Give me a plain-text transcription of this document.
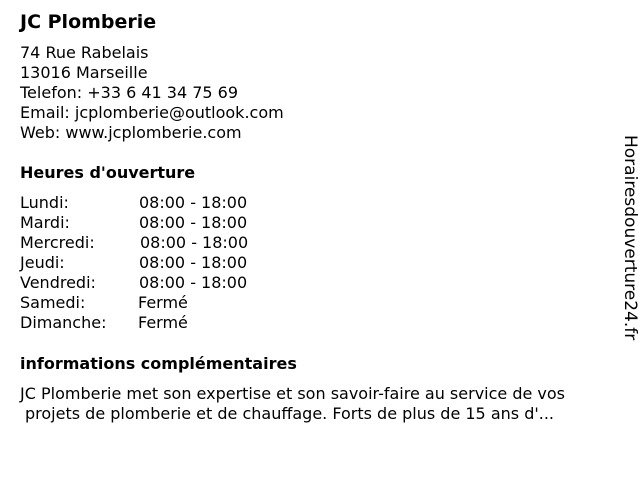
JC Plomberie
74 Rue Rabelais
13016 Marseille
Telefon: +33 6 41 34 75 69
Email: jcplomberie@outlook.com
Web: www.jcplomberie.com
Heures d'ouverture
Lundi:	08:00 - 18:00
Mardi:	08:00 - 18:00
Mercredi:	08:00 - 18:00
Jeudi:	08:00 - 18:00
Vendredi:	08:00 - 18:00
Samedi:	Fermé
Dimanche: Fermé
informations complémentaires
JC Plomberie met son expertise et son savoir-faire au service de vos
projets de plomberie et de chauffage. Forts de plus de 15 ans d'...
Horairesdouverture24.fr
